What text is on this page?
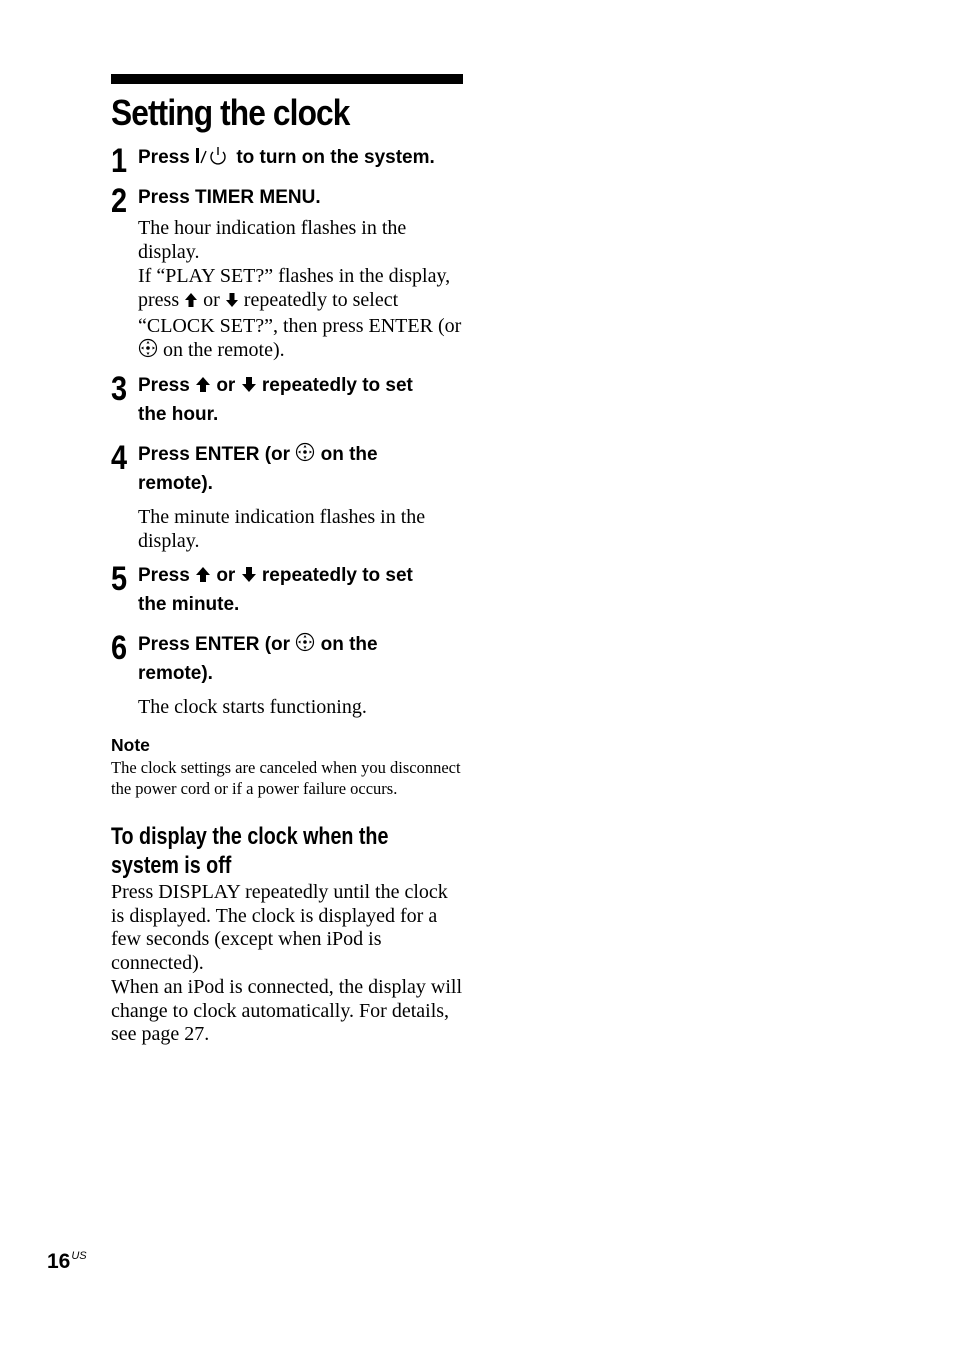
Setting the clock
1 Press  to turn on the system.
2 Press TIMER MENU.
The hour indication flashes in the display.
If “PLAY SET?” flashes in the display, press  or  repeatedly to select “CLOCK SET?”, then press ENTER (or  on the remote).
3 Press  or  repeatedly to set
the hour.
4 Press ENTER (or  on the
remote).
The minute indication flashes in the display.
5 Press  or  repeatedly to set
the minute.
6 Press ENTER (or  on the
remote).
The clock starts functioning.
Note
The clock settings are canceled when you disconnect the power cord or if a power failure occurs.
To display the clock when the
system is off
Press DISPLAY repeatedly until the clock is displayed. The clock is displayed for a few seconds (except when iPod is connected).
When an iPod is connected, the display will change to clock automatically. For details, see page 27.
$16^{US}$
